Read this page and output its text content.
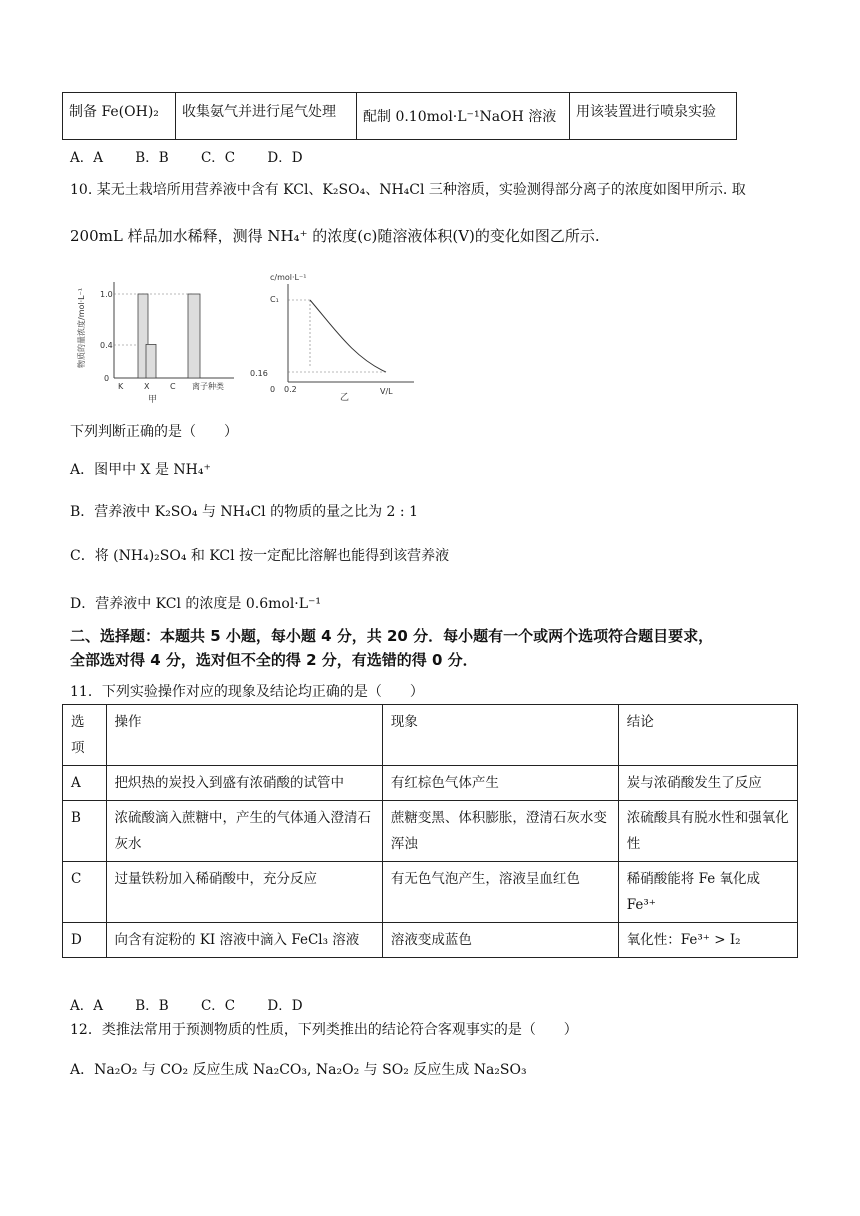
制备 Fe(OH)₂	收集氨气并进行尾气处理	配制 0.10mol·L⁻¹NaOH 溶液	用该装置进行喷泉实验
A．A B．B C．C D．D
10. 某无土栽培所用营养液中含有 KCl、K₂SO₄、NH₄Cl 三种溶质，实验测得部分离子的浓度如图甲所示. 取
200mL 样品加水稀释，测得 NH₄⁺ 的浓度(c)随溶液体积(V)的变化如图乙所示.
物质的量浓度/mol·L⁻¹ 1.0
0.4
0
K	X	C 离子种类
甲
c/mol·L⁻¹
C₁
0.16
0 0.2	V/L
乙
下列判断正确的是（　　）
A．图甲中 X 是 NH₄⁺
B．营养液中 K₂SO₄ 与 NH₄Cl 的物质的量之比为 2 : 1
C．将 (NH₄)₂SO₄ 和 KCl 按一定配比溶解也能得到该营养液
D．营养液中 KCl 的浓度是 0.6mol·L⁻¹
二、选择题：本题共 5 小题，每小题 4 分，共 20 分．每小题有一个或两个选项符合题目要求，
全部选对得 4 分，选对但不全的得 2 分，有选错的得 0 分．
11．下列实验操作对应的现象及结论均正确的是（　　）
选项	操作	现象	结论
A	把炽热的炭投入到盛有浓硝酸的试管中	有红棕色气体产生	炭与浓硝酸发生了反应
B	浓硫酸滴入蔗糖中，产生的气体通入澄清石灰水	蔗糖变黑、体积膨胀，澄清石灰水变浑浊	浓硫酸具有脱水性和强氧化性
C	过量铁粉加入稀硝酸中，充分反应	有无色气泡产生，溶液呈血红色	稀硝酸能将 Fe 氧化成 Fe³⁺
D	向含有淀粉的 KI 溶液中滴入 FeCl₃ 溶液	溶液变成蓝色	氧化性：Fe³⁺ > I₂
A．A B．B C．C D．D
12．类推法常用于预测物质的性质，下列类推出的结论符合客观事实的是（　　）
A．Na₂O₂ 与 CO₂ 反应生成 Na₂CO₃, Na₂O₂ 与 SO₂ 反应生成 Na₂SO₃
